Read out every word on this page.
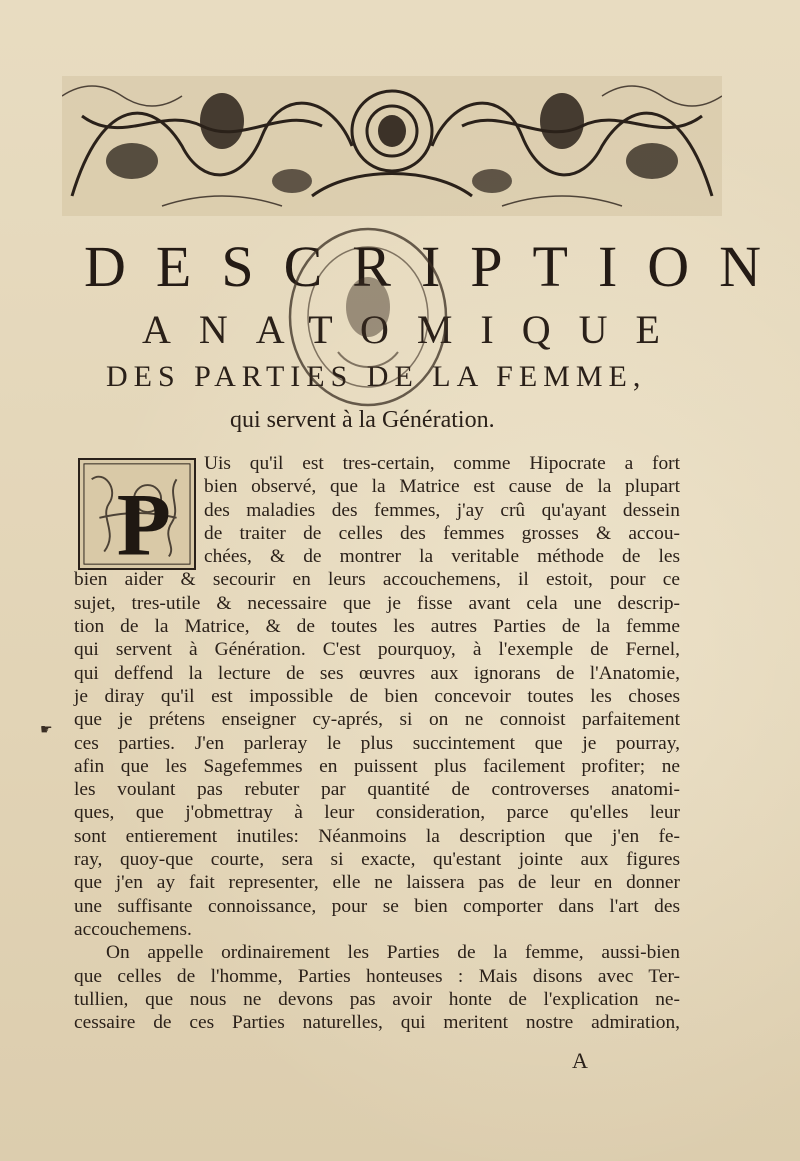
DESCRIPTION
ANATOMIQUE
DES PARTIES DE LA FEMME,
qui servent à la Génération.
P
Uis qu'il est tres-certain, comme Hipocrate a fort
bien observé, que la Matrice est cause de la plupart
des maladies des femmes, j'ay crû qu'ayant dessein
de traiter de celles des femmes grosses & accou-
chées, & de montrer la veritable méthode de les
bien aider & secourir en leurs accouchemens, il estoit, pour ce
sujet, tres-utile & necessaire que je fisse avant cela une descrip-
tion de la Matrice, & de toutes les autres Parties de la femme
qui servent à Génération. C'est pourquoy, à l'exemple de Fernel,
qui deffend la lecture de ses œuvres aux ignorans de l'Anatomie,
je diray qu'il est impossible de bien concevoir toutes les choses
que je prétens enseigner cy-aprés, si on ne connoist parfaitement
ces parties. J'en parleray le plus succintement que je pourray,
afin que les Sagefemmes en puissent plus facilement profiter; ne
les voulant pas rebuter par quantité de controverses anatomi-
ques, que j'obmettray à leur consideration, parce qu'elles leur
sont entierement inutiles: Néanmoins la description que j'en fe-
ray, quoy-que courte, sera si exacte, qu'estant jointe aux figures
que j'en ay fait representer, elle ne laissera pas de leur en donner
une suffisante connoissance, pour se bien comporter dans l'art des
accouchemens.
On appelle ordinairement les Parties de la femme, aussi-bien
que celles de l'homme, Parties honteuses : Mais disons avec Ter-
tullien, que nous ne devons pas avoir honte de l'explication ne-
cessaire de ces Parties naturelles, qui meritent nostre admiration,
☛
A
